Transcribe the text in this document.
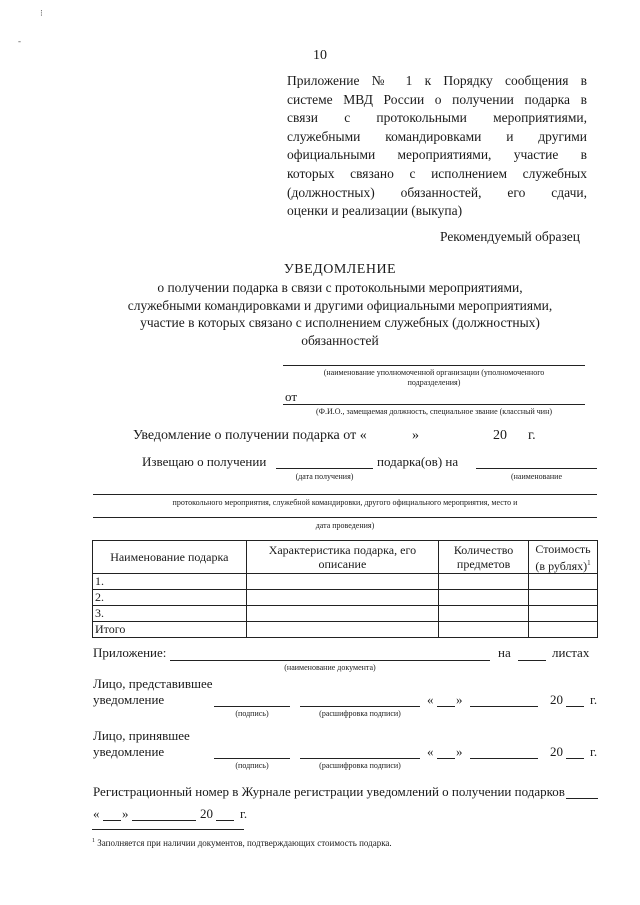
⁝
-
10
Приложение № 1 к Порядку сообщения в
системе МВД России о получении подарка в
связи с протокольными мероприятиями,
служебными командировками и другими
официальными мероприятиями, участие в
которых связано с исполнением служебных
(должностных) обязанностей, его сдачи,
оценки и реализации (выкупа)
Рекомендуемый образец
УВЕДОМЛЕНИЕ
о получении подарка в связи с протокольными мероприятиями,
служебными командировками и другими официальными мероприятиями,
участие в которых связано с исполнением служебных (должностных)
обязанностей
(наименование уполномоченной организации (уполномоченного
подразделения)
от
(Ф.И.О., замещаемая должность, специальное звание (классный чин)
Уведомление о получении подарка от «	»	20 г.
Извещаю о получении
(дата получения)
подарка(ов) на
(наименование
протокольного мероприятия, служебной командировки, другого официального мероприятия, место и
дата проведения)
Наименование подарка	Характеристика подарка, его описание	Количество предметов	Стоимость (в рублях)$^1$
1.			
2.			
3.			
Итого			
Приложение:
(наименование документа)
на	листах
Лицо, представившее
уведомление
(подпись)	(расшифровка подписи)
« »	20 г.
Лицо, принявшее
уведомление
(подпись)	(расшифровка подписи)
« »	20 г.
Регистрационный номер в Журнале регистрации уведомлений о получении подарков
« »	20 г.
$^1$ Заполняется при наличии документов, подтверждающих стоимость подарка.
